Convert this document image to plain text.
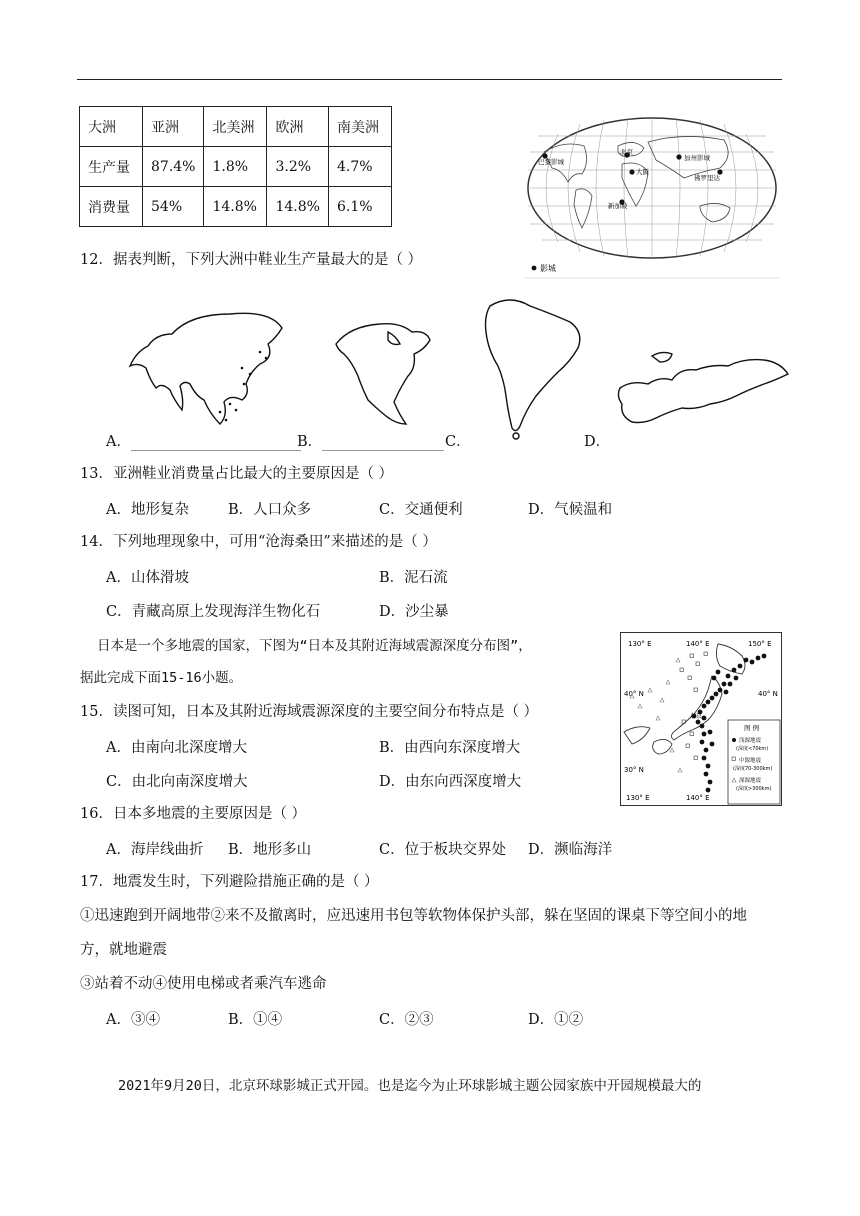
大洲	亚洲	北美洲	欧洲	南美洲
生产量	87.4%	1.8%	3.2%	4.7%
消费量	54%	14.8%	14.8%	6.1%
巴黎影城
北京
大阪
加州影城
佛罗里达
新加坡
影城
12．据表判断，下列大洲中鞋业生产量最大的是（ ）
A．	B．	C．	D．
13．亚洲鞋业消费量占比最大的主要原因是（ ）
A．地形复杂	B．人口众多	C．交通便利	D．气候温和
14．下列地理现象中，可用“沧海桑田”来描述的是（ ）
A．山体滑坡	B．泥石流
C．青藏高原上发现海洋生物化石	D．沙尘暴
日本是一个多地震的国家，下图为“日本及其附近海域震源深度分布图”，
据此完成下面15-16小题。
130° E	140° E	150° E
130° E	140° E
40° N	40° N
30° N
东京
图 例
浅源地震
(深度<70km)
中源地震
(深度70-300km)
深源地震
(深度>300km)
15．读图可知，日本及其附近海域震源深度的主要空间分布特点是（ ）
A．由南向北深度增大	B．由西向东深度增大
C．由北向南深度增大	D．由东向西深度增大
16．日本多地震的主要原因是（ ）
A．海岸线曲折 B．地形多山	C．位于板块交界处 D．濒临海洋
17．地震发生时，下列避险措施正确的是（ ）
①迅速跑到开阔地带②来不及撤离时，应迅速用书包等软物体保护头部，躲在坚固的课桌下等空间小的地
方，就地避震
③站着不动④使用电梯或者乘汽车逃命
A．③④	B．①④	C．②③	D．①②
2021年9月20日，北京环球影城正式开园。也是迄今为止环球影城主题公园家族中开园规模最大的
